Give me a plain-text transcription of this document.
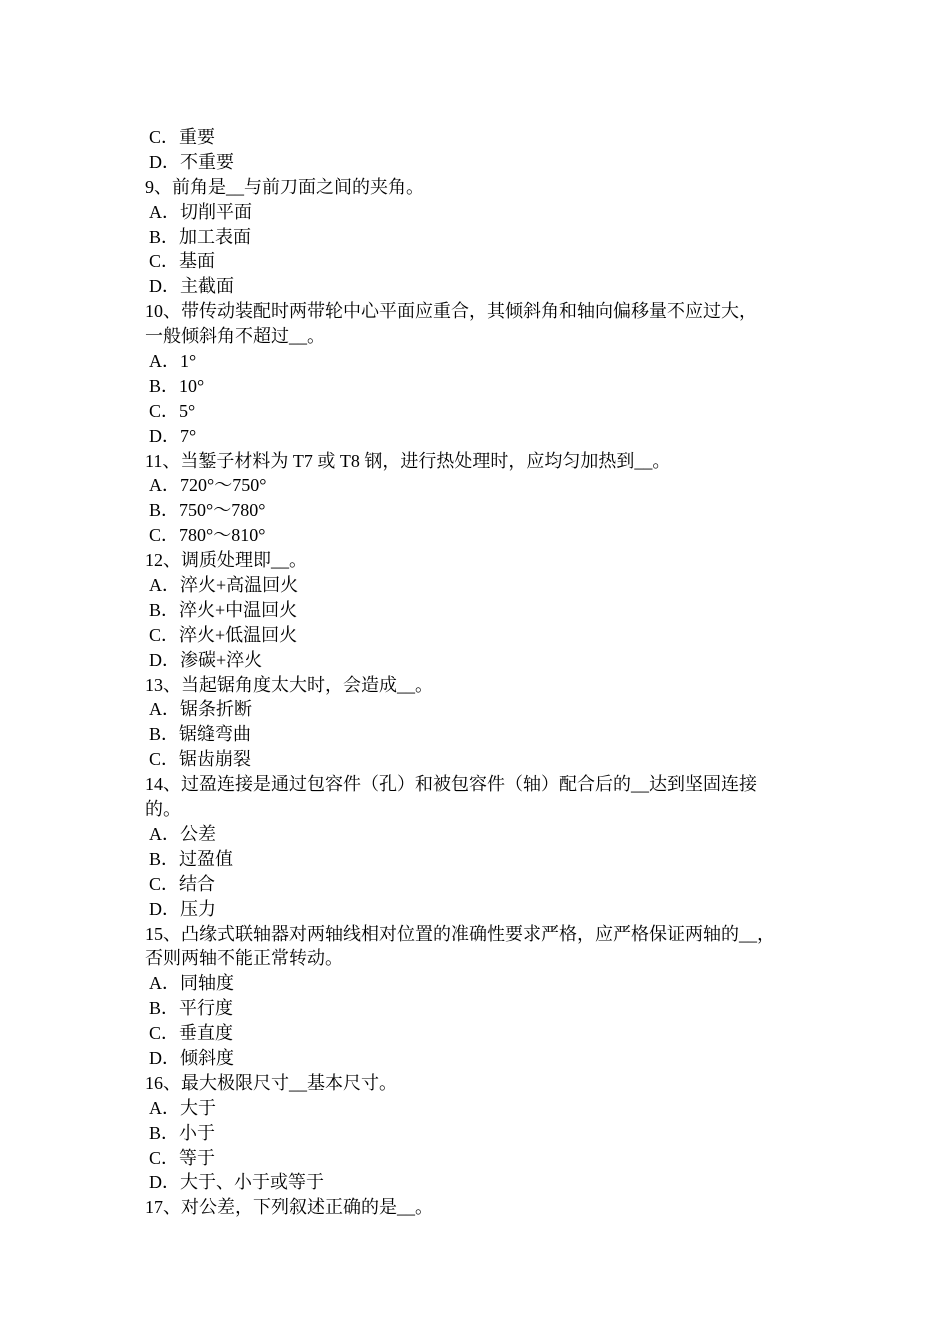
C．重要
D．不重要
9、前角是__与前刀面之间的夹角。
A．切削平面
B．加工表面
C．基面
D．主截面
10、带传动装配时两带轮中心平面应重合，其倾斜角和轴向偏移量不应过大，
一般倾斜角不超过__。
A．1°
B．10°
C．5°
D．7°
11、当錾子材料为 T7 或 T8 钢，进行热处理时，应均匀加热到__。
A．720°～750°
B．750°～780°
C．780°～810°
12、调质处理即__。
A．淬火+高温回火
B．淬火+中温回火
C．淬火+低温回火
D．渗碳+淬火
13、当起锯角度太大时，会造成__。
A．锯条折断
B．锯缝弯曲
C．锯齿崩裂
14、过盈连接是通过包容件（孔）和被包容件（轴）配合后的__达到坚固连接
的。
A．公差
B．过盈值
C．结合
D．压力
15、凸缘式联轴器对两轴线相对位置的准确性要求严格，应严格保证两轴的__，
否则两轴不能正常转动。
A．同轴度
B．平行度
C．垂直度
D．倾斜度
16、最大极限尺寸__基本尺寸。
A．大于
B．小于
C．等于
D．大于、小于或等于
17、对公差，下列叙述正确的是__。
